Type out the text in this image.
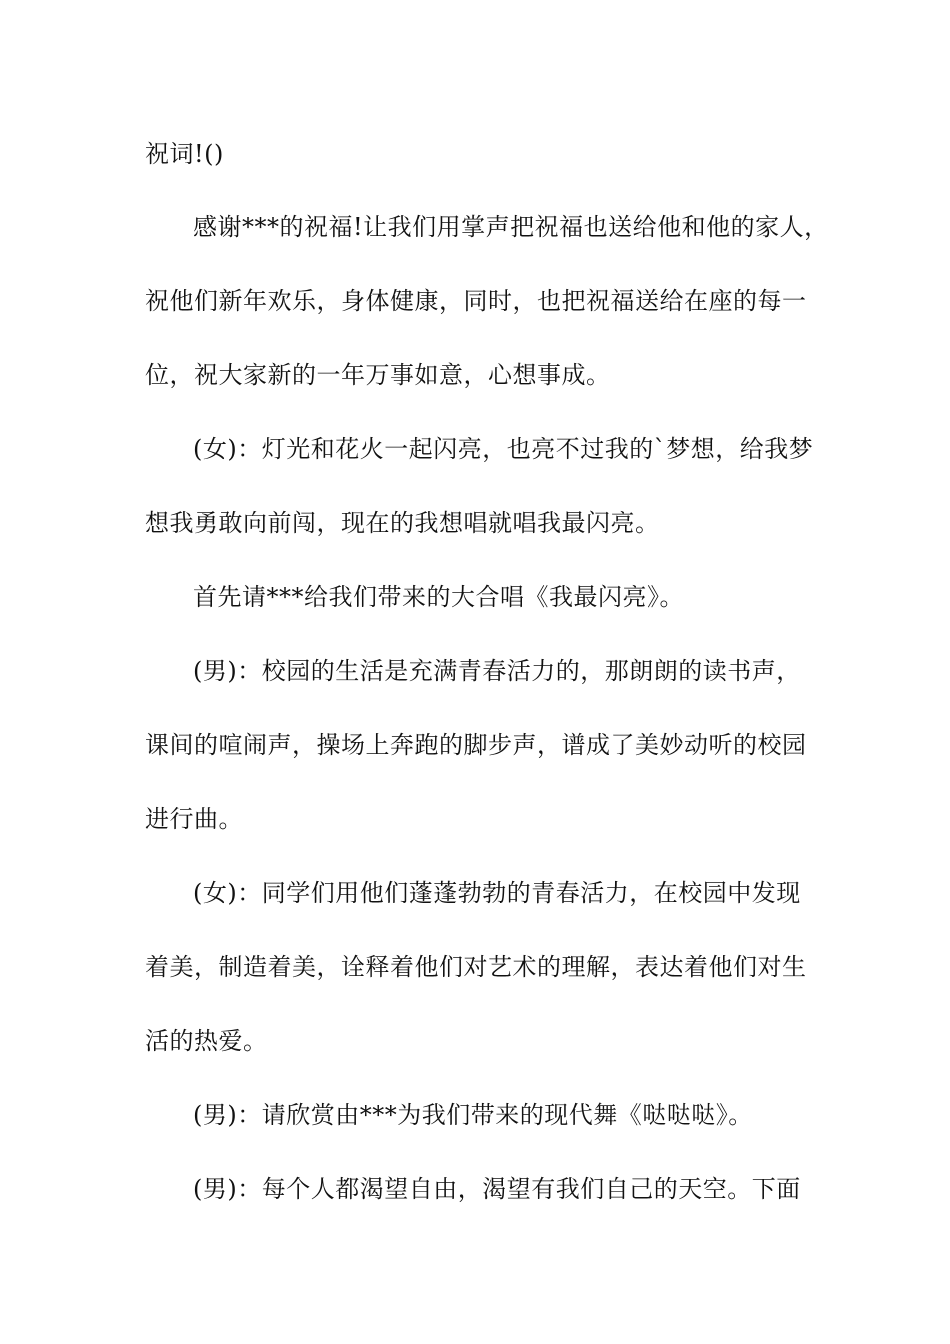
祝词!()
感谢***的祝福!让我们用掌声把祝福也送给他和他的家人，
祝他们新年欢乐，身体健康，同时，也把祝福送给在座的每一
位，祝大家新的一年万事如意，心想事成。
(女)：灯光和花火一起闪亮，也亮不过我的`梦想，给我梦
想我勇敢向前闯，现在的我想唱就唱我最闪亮。
首先请***给我们带来的大合唱《我最闪亮》。
(男)：校园的生活是充满青春活力的，那朗朗的读书声，
课间的喧闹声，操场上奔跑的脚步声，谱成了美妙动听的校园
进行曲。
(女)：同学们用他们蓬蓬勃勃的青春活力，在校园中发现
着美，制造着美，诠释着他们对艺术的理解，表达着他们对生
活的热爱。
(男)：请欣赏由***为我们带来的现代舞《哒哒哒》。
(男)：每个人都渴望自由，渴望有我们自己的天空。下面
